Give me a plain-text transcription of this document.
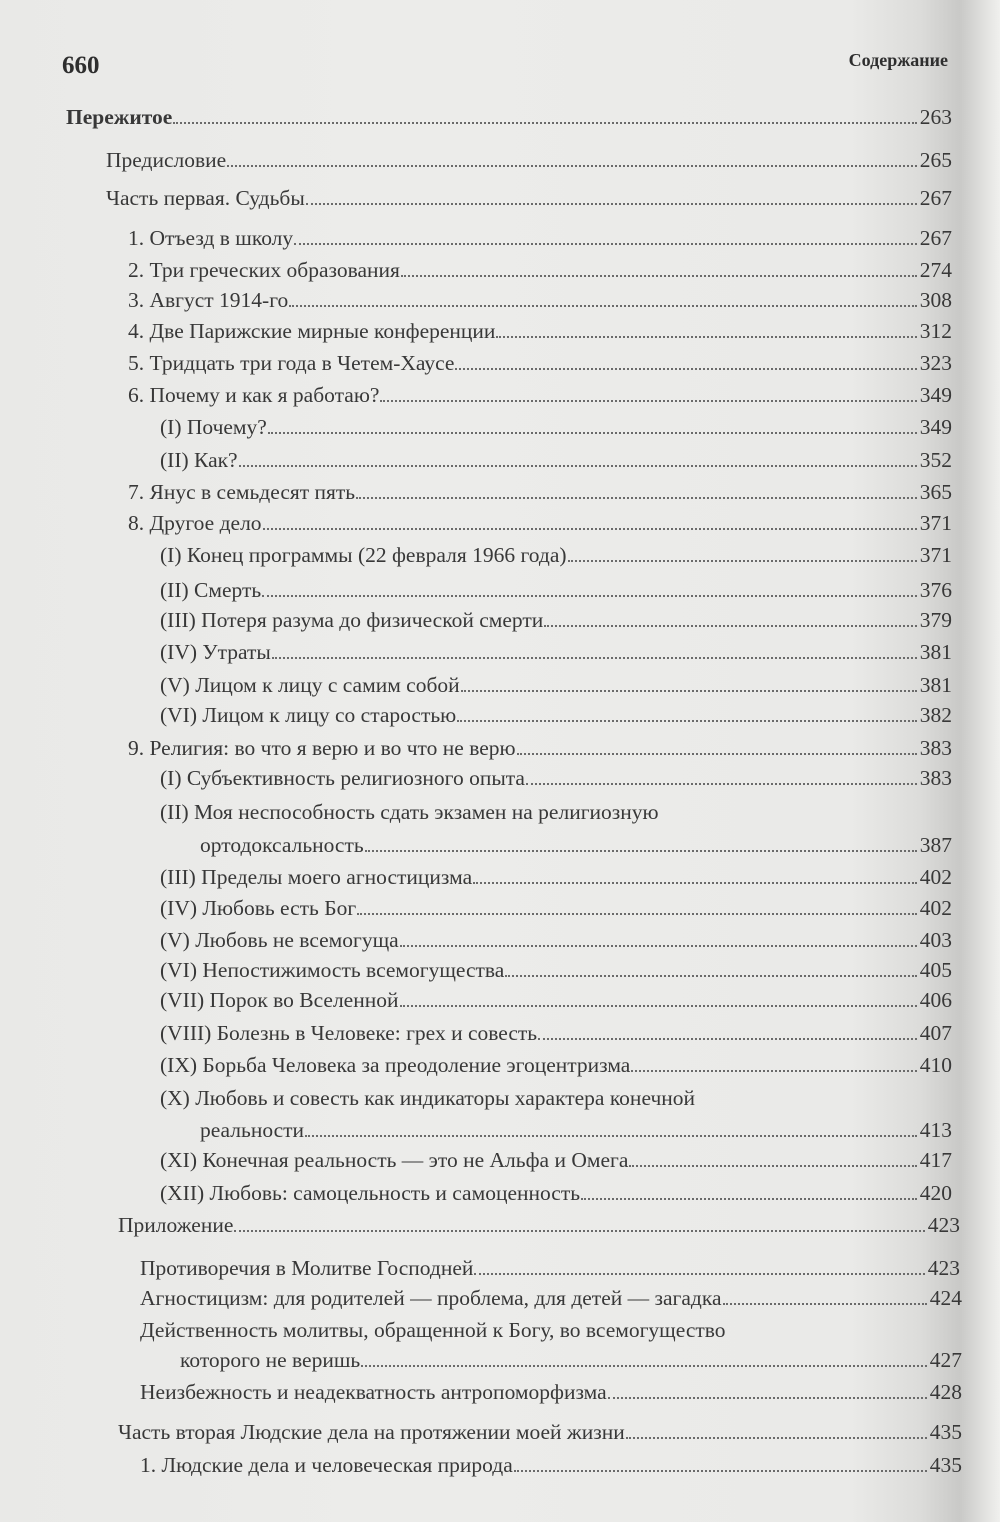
660	Содержание
Пережитое	263
Предисловие	265
Часть первая. Судьбы	267
1. Отъезд в школу	267
2. Три греческих образования	274
3. Август 1914-го	308
4. Две Парижские мирные конференции	312
5. Тридцать три года в Четем-Хаусе	323
6. Почему и как я работаю?	349
(I) Почему?	349
(II) Как?	352
7. Янус в семьдесят пять	365
8. Другое дело	371
(I) Конец программы (22 февраля 1966 года)	371
(II) Смерть	376
(III) Потеря разума до физической смерти	379
(IV) Утраты	381
(V) Лицом к лицу с самим собой	381
(VI) Лицом к лицу со старостью	382
9. Религия: во что я верю и во что не верю	383
(I) Субъективность религиозного опыта	383
(II) Моя неспособность сдать экзамен на религиозную
ортодоксальность	387
(III) Пределы моего агностицизма	402
(IV) Любовь есть Бог	402
(V) Любовь не всемогуща	403
(VI) Непостижимость всемогущества	405
(VII) Порок во Вселенной	406
(VIII) Болезнь в Человеке: грех и совесть	407
(IX) Борьба Человека за преодоление эгоцентризма	410
(X) Любовь и совесть как индикаторы характера конечной
реальности	413
(XI) Конечная реальность — это не Альфа и Омега	417
(XII) Любовь: самоцельность и самоценность	420
Приложение	423
Противоречия в Молитве Господней	423
Агностицизм: для родителей — проблема, для детей — загадка	424
Действенность молитвы, обращенной к Богу, во всемогущество
которого не веришь	427
Неизбежность и неадекватность антропоморфизма	428
Часть вторая Людские дела на протяжении моей жизни	435
1. Людские дела и человеческая природа	435
